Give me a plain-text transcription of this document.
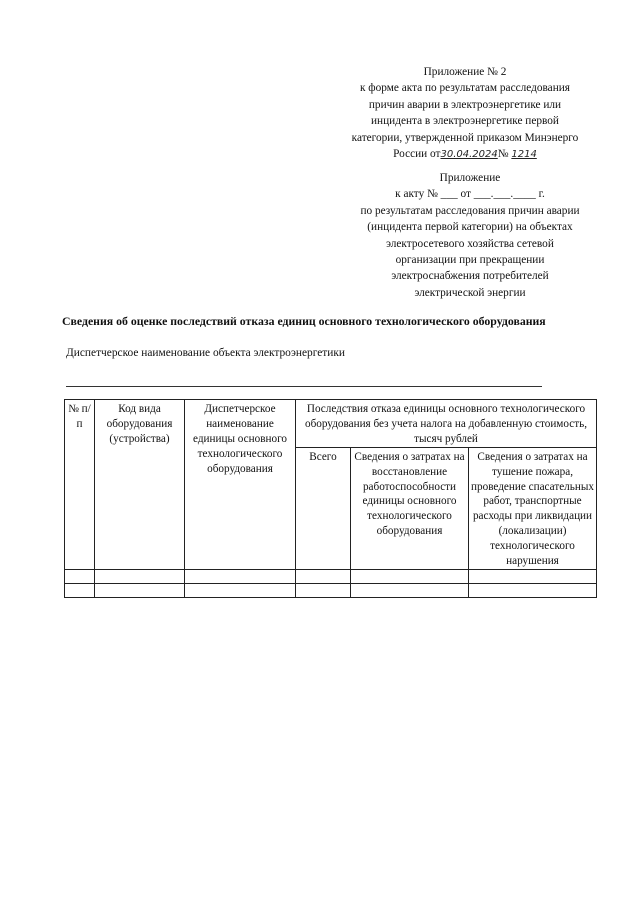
Приложение № 2
к форме акта по результатам расследования
причин аварии в электроэнергетике или
инцидента в электроэнергетике первой
категории, утвержденной приказом Минэнерго
России от30.04.2024№ 1214
Приложение
к акту № ___ от ___.___.____ г.
по результатам расследования причин аварии
(инцидента первой категории) на объектах
электросетевого хозяйства сетевой
организации при прекращении
электроснабжения потребителей
электрической энергии
Сведения об оценке последствий отказа единиц основного технологического оборудования
Диспетчерское наименование объекта электроэнергетики
№ п/п	Код вида оборудования (устройства)	Диспетчерское наименование единицы основного технологического оборудования	Последствия отказа единицы основного технологического оборудования без учета налога на добавленную стоимость, тысяч рублей		
			Всего	Сведения о затратах на восстановление работоспособности единицы основного технологического оборудования	Сведения о затратах на тушение пожара, проведение спасательных работ, транспортные расходы при ликвидации (локализации) технологического нарушения
